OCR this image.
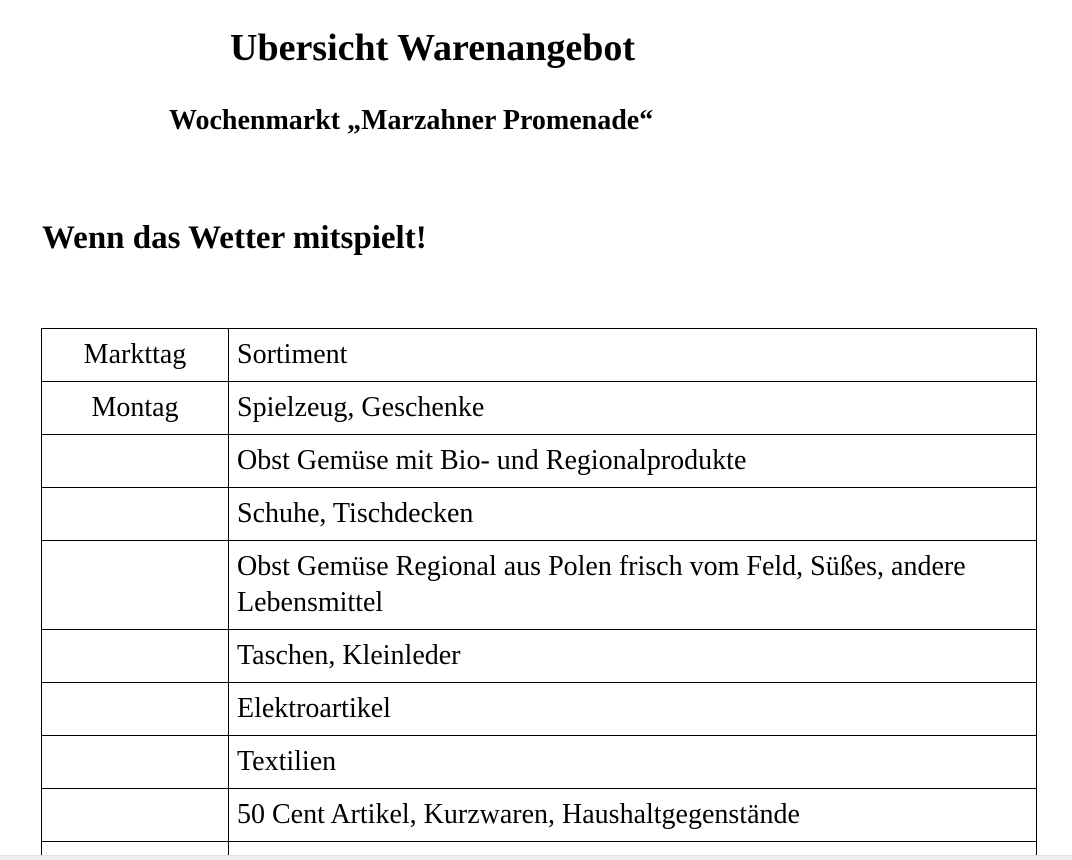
Ubersicht Warenangebot
Wochenmarkt „Marzahner Promenade“

Wenn das Wetter mitspielt!

Markttag	Sortiment
Montag	Spielzeug, Geschenke
	Obst Gemüse mit Bio- und Regionalprodukte
	Schuhe, Tischdecken
	Obst Gemüse Regional aus Polen frisch vom Feld, Süßes, andere Lebensmittel
	Taschen, Kleinleder
	Elektroartikel
	Textilien
	50 Cent Artikel, Kurzwaren, Haushaltgegenstände
